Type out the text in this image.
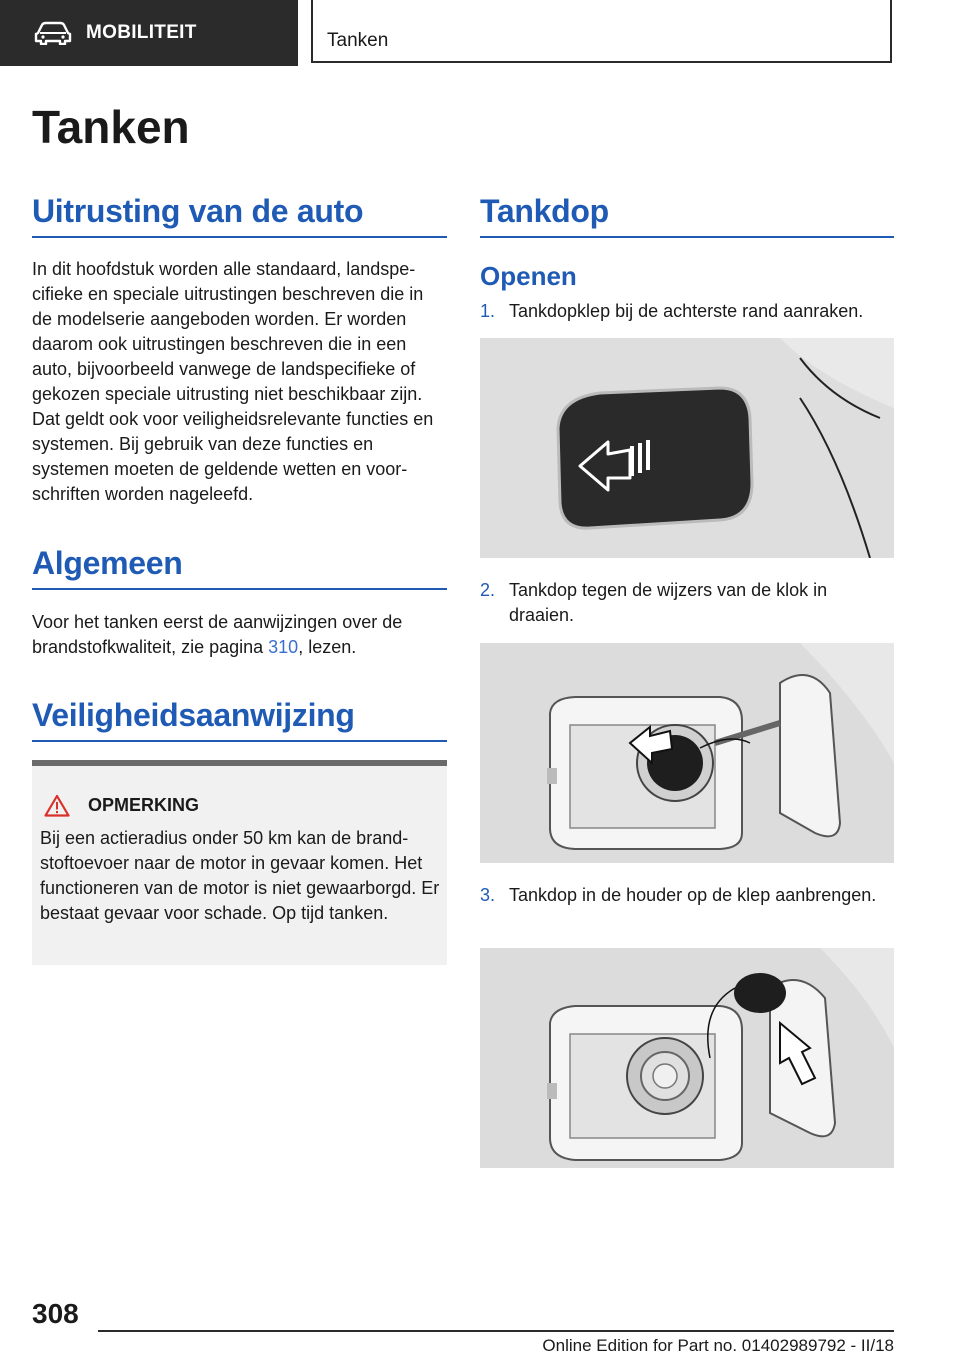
MOBILITEIT	Tanken
Tanken
Uitrusting van de auto

In dit hoofdstuk worden alle standaard, landspecifieke en speciale uitrustingen beschreven die in de modelserie aangeboden worden. Er worden daarom ook uitrustingen beschreven die in een auto, bijvoorbeeld vanwege de landspecifieke of gekozen speciale uitrusting niet beschikbaar zijn. Dat geldt ook voor veiligheidsrelevante functies en systemen. Bij gebruik van deze functies en systemen moeten de geldende wetten en voorschriften worden nageleefd.

Algemeen

Voor het tanken eerst de aanwijzingen over de brandstofkwaliteit, zie pagina 310, lezen.

Veiligheidsaanwijzing
OPMERKING

Bij een actieradius onder 50 km kan de brandstoftoevoer naar de motor in gevaar komen. Het functioneren van de motor is niet gewaarborgd. Er bestaat gevaar voor schade. Op tijd tanken.

Tankdop
Openen
1. Tankdopklep bij de achterste rand aanraken.
2. Tankdop tegen de wijzers van de klok in draaien.
3. Tankdop in de houder op de klep aanbrengen.

308

Online Edition for Part no. 01402989792 - II/18
